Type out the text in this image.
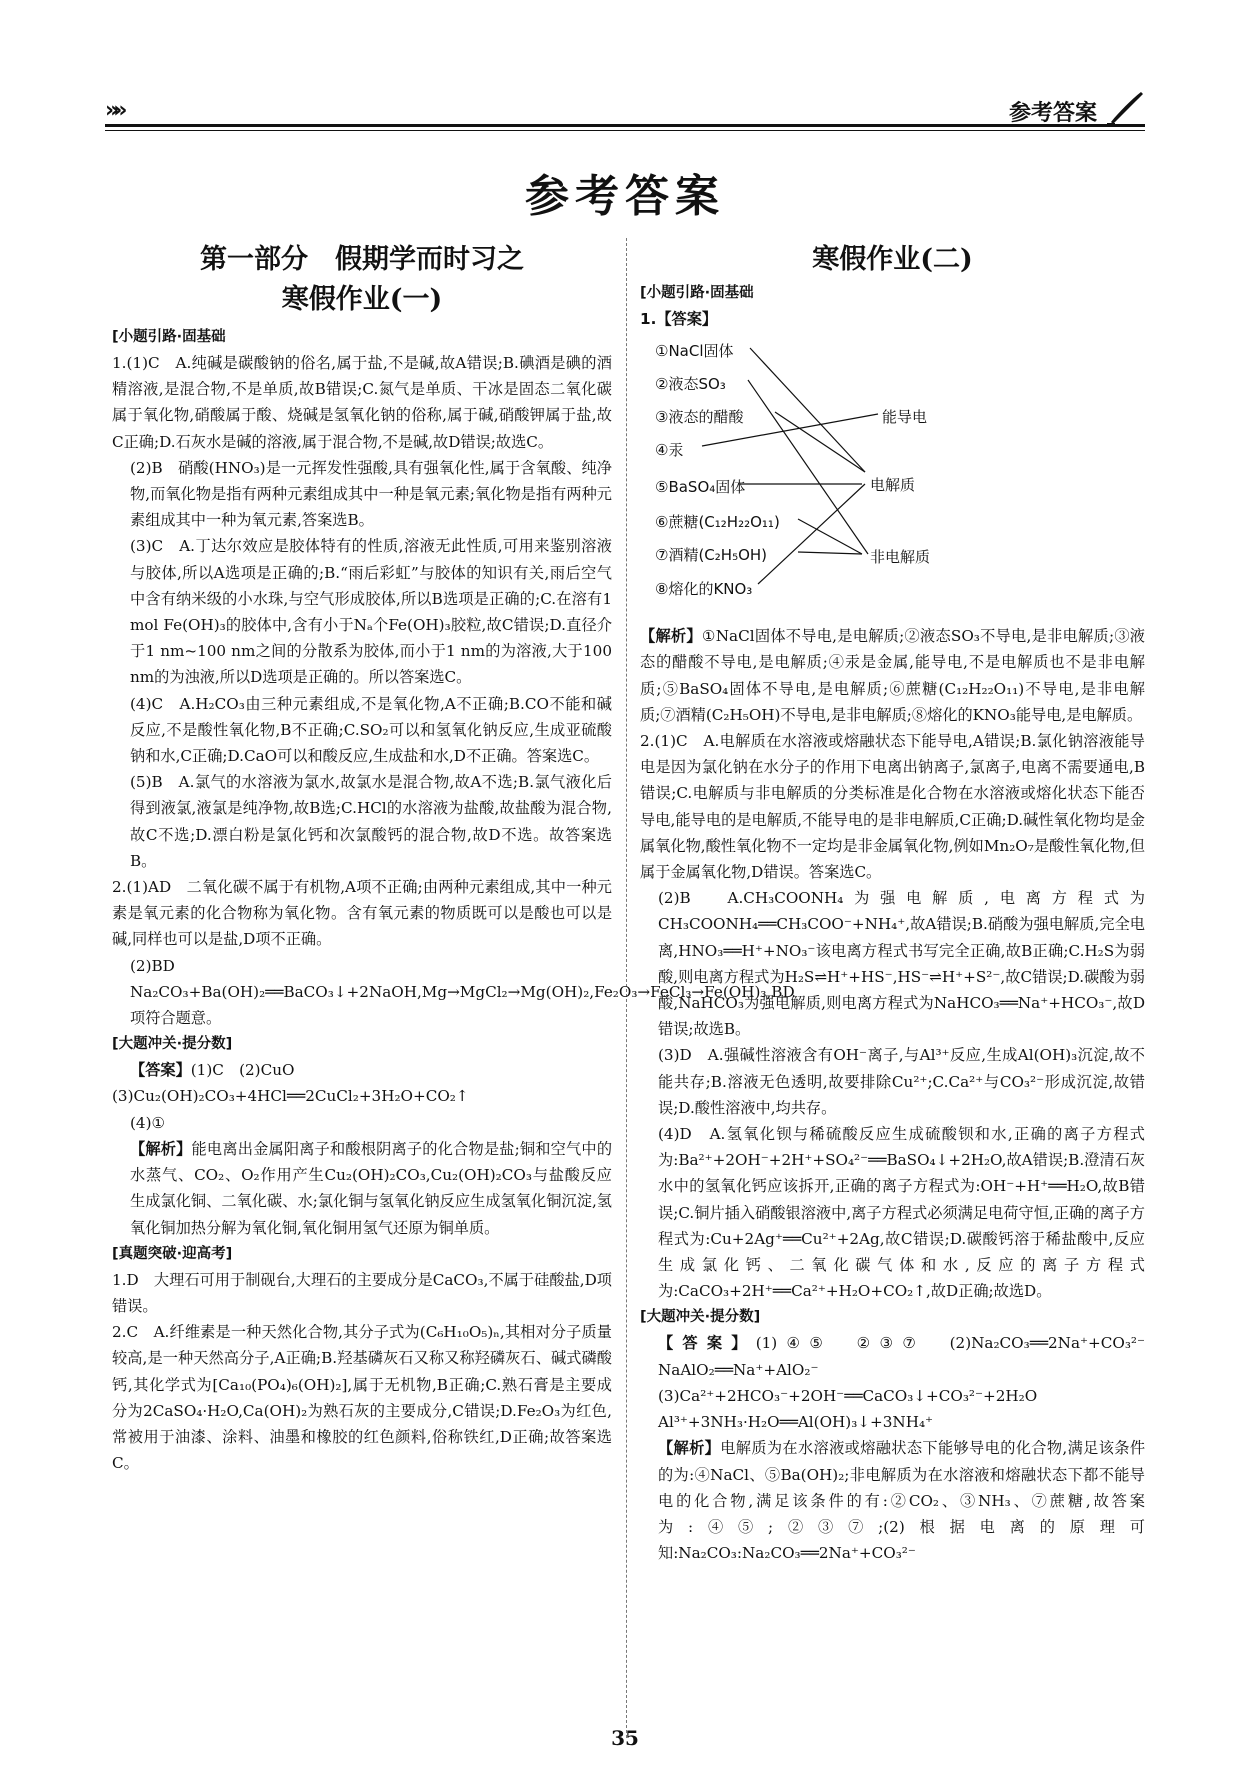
»»	参考答案
参考答案
第一部分　假期学而时习之
寒假作业(一)
[小题引路·固基础

1.(1)C　A.纯碱是碳酸钠的俗名,属于盐,不是碱,故A错误;B.碘酒是碘的酒精溶液,是混合物,不是单质,故B错误;C.氮气是单质、干冰是固态二氧化碳属于氧化物,硝酸属于酸、烧碱是氢氧化钠的俗称,属于碱,硝酸钾属于盐,故C正确;D.石灰水是碱的溶液,属于混合物,不是碱,故D错误;故选C。

(2)B　硝酸(HNO₃)是一元挥发性强酸,具有强氧化性,属于含氧酸、纯净物,而氧化物是指有两种元素组成其中一种是氧元素;氧化物是指有两种元素组成其中一种为氧元素,答案选B。

(3)C　A.丁达尔效应是胶体特有的性质,溶液无此性质,可用来鉴别溶液与胶体,所以A选项是正确的;B.“雨后彩虹”与胶体的知识有关,雨后空气中含有纳米级的小水珠,与空气形成胶体,所以B选项是正确的;C.在溶有1 mol Fe(OH)₃的胶体中,含有小于Nₐ个Fe(OH)₃胶粒,故C错误;D.直径介于1 nm~100 nm之间的分散系为胶体,而小于1 nm的为溶液,大于100 nm的为浊液,所以D选项是正确的。所以答案选C。

(4)C　A.H₂CO₃由三种元素组成,不是氧化物,A不正确;B.CO不能和碱反应,不是酸性氧化物,B不正确;C.SO₂可以和氢氧化钠反应,生成亚硫酸钠和水,C正确;D.CaO可以和酸反应,生成盐和水,D不正确。答案选C。

(5)B　A.氯气的水溶液为氯水,故氯水是混合物,故A不选;B.氯气液化后得到液氯,液氯是纯净物,故B选;C.HCl的水溶液为盐酸,故盐酸为混合物,故C不选;D.漂白粉是氯化钙和次氯酸钙的混合物,故D不选。故答案选B。

2.(1)AD　二氧化碳不属于有机物,A项不正确;由两种元素组成,其中一种元素是氧元素的化合物称为氧化物。含有氧元素的物质既可以是酸也可以是碱,同样也可以是盐,D项不正确。

(2)BD　Na₂CO₃+Ba(OH)₂══BaCO₃↓+2NaOH,Mg→MgCl₂→Mg(OH)₂,Fe₂O₃→FeCl₃→Fe(OH)₃,BD项符合题意。

[大题冲关·提分数]

【答案】(1)C　(2)CuO

(3)Cu₂(OH)₂CO₃+4HCl══2CuCl₂+3H₂O+CO₂↑

(4)①

【解析】能电离出金属阳离子和酸根阴离子的化合物是盐;铜和空气中的水蒸气、CO₂、O₂作用产生Cu₂(OH)₂CO₃,Cu₂(OH)₂CO₃与盐酸反应生成氯化铜、二氧化碳、水;氯化铜与氢氧化钠反应生成氢氧化铜沉淀,氢氧化铜加热分解为氧化铜,氧化铜用氢气还原为铜单质。

[真题突破·迎高考]

1.D　大理石可用于制砚台,大理石的主要成分是CaCO₃,不属于硅酸盐,D项错误。

2.C　A.纤维素是一种天然化合物,其分子式为(C₆H₁₀O₅)ₙ,其相对分子质量较高,是一种天然高分子,A正确;B.羟基磷灰石又称又称羟磷灰石、碱式磷酸钙,其化学式为[Ca₁₀(PO₄)₆(OH)₂],属于无机物,B正确;C.熟石膏是主要成分为2CaSO₄·H₂O,Ca(OH)₂为熟石灰的主要成分,C错误;D.Fe₂O₃为红色,常被用于油漆、涂料、油墨和橡胶的红色颜料,俗称铁红,D正确;故答案选C。

寒假作业(二)
[小题引路·固基础
1.【答案】
①NaCl固体
②液态SO₃
③液态的醋酸
④汞
⑤BaSO₄固体
⑥蔗糖(C₁₂H₂₂O₁₁)
⑦酒精(C₂H₅OH)
⑧熔化的KNO₃
能导电
电解质
非电解质

【解析】①NaCl固体不导电,是电解质;②液态SO₃不导电,是非电解质;③液态的醋酸不导电,是电解质;④汞是金属,能导电,不是电解质也不是非电解质;⑤BaSO₄固体不导电,是电解质;⑥蔗糖(C₁₂H₂₂O₁₁)不导电,是非电解质;⑦酒精(C₂H₅OH)不导电,是非电解质;⑧熔化的KNO₃能导电,是电解质。

2.(1)C　A.电解质在水溶液或熔融状态下能导电,A错误;B.氯化钠溶液能导电是因为氯化钠在水分子的作用下电离出钠离子,氯离子,电离不需要通电,B错误;C.电解质与非电解质的分类标准是化合物在水溶液或熔化状态下能否导电,能导电的是电解质,不能导电的是非电解质,C正确;D.碱性氧化物均是金属氧化物,酸性氧化物不一定均是非金属氧化物,例如Mn₂O₇是酸性氧化物,但属于金属氧化物,D错误。答案选C。

(2)B　A.CH₃COONH₄为强电解质,电离方程式为CH₃COONH₄══CH₃COO⁻+NH₄⁺,故A错误;B.硝酸为强电解质,完全电离,HNO₃══H⁺+NO₃⁻该电离方程式书写完全正确,故B正确;C.H₂S为弱酸,则电离方程式为H₂S⇌H⁺+HS⁻,HS⁻⇌H⁺+S²⁻,故C错误;D.碳酸为弱酸,NaHCO₃为强电解质,则电离方程式为NaHCO₃══Na⁺+HCO₃⁻,故D错误;故选B。

(3)D　A.强碱性溶液含有OH⁻离子,与Al³⁺反应,生成Al(OH)₃沉淀,故不能共存;B.溶液无色透明,故要排除Cu²⁺;C.Ca²⁺与CO₃²⁻形成沉淀,故错误;D.酸性溶液中,均共存。

(4)D　A.氢氧化钡与稀硫酸反应生成硫酸钡和水,正确的离子方程式为:Ba²⁺+2OH⁻+2H⁺+SO₄²⁻══BaSO₄↓+2H₂O,故A错误;B.澄清石灰水中的氢氧化钙应该拆开,正确的离子方程式为:OH⁻+H⁺══H₂O,故B错误;C.铜片插入硝酸银溶液中,离子方程式必须满足电荷守恒,正确的离子方程式为:Cu+2Ag⁺══Cu²⁺+2Ag,故C错误;D.碳酸钙溶于稀盐酸中,反应生成氯化钙、二氧化碳气体和水,反应的离子方程式为:CaCO₃+2H⁺══Ca²⁺+H₂O+CO₂↑,故D正确;故选D。

[大题冲关·提分数]

【答案】(1)④⑤　②③⑦　(2)Na₂CO₃══2Na⁺+CO₃²⁻　NaAlO₂══Na⁺+AlO₂⁻　(3)Ca²⁺+2HCO₃⁻+2OH⁻══CaCO₃↓+CO₃²⁻+2H₂O　Al³⁺+3NH₃·H₂O══Al(OH)₃↓+3NH₄⁺

【解析】电解质为在水溶液或熔融状态下能够导电的化合物,满足该条件的为:④NaCl、⑤Ba(OH)₂;非电解质为在水溶液和熔融状态下都不能导电的化合物,满足该条件的有:②CO₂、③NH₃、⑦蔗糖,故答案为:④⑤;②③⑦;(2)根据电离的原理可知:Na₂CO₃:Na₂CO₃══2Na⁺+CO₃²⁻

35
